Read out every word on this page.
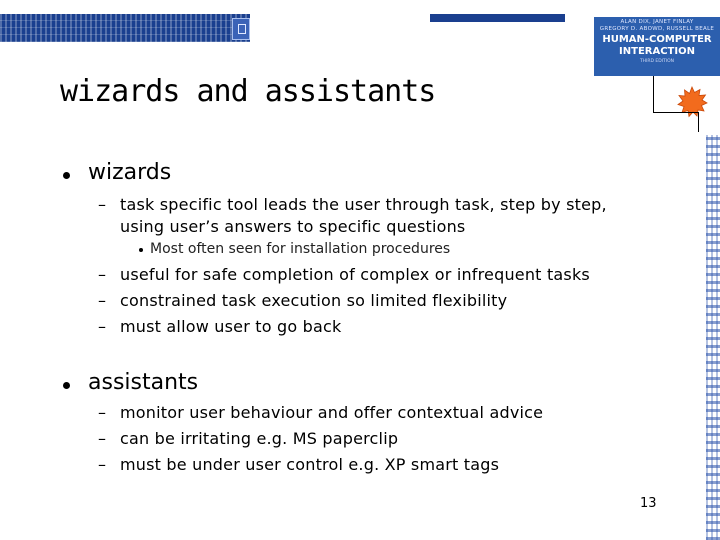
ALAN DIX, JANET FINLAY
GREGORY D. ABOWD, RUSSELL BEALE
HUMAN-COMPUTER
INTERACTION
THIRD EDITION
wizards and assistants
wizards
– task specific tool leads the user through task, step by step,
using user’s answers to specific questions
Most often seen for installation procedures
– useful for safe completion of complex or infrequent tasks
– constrained task execution so limited flexibility
– must allow user to go back
assistants
– monitor user behaviour and offer contextual advice
– can be irritating e.g. MS paperclip
– must be under user control e.g. XP smart tags
13
